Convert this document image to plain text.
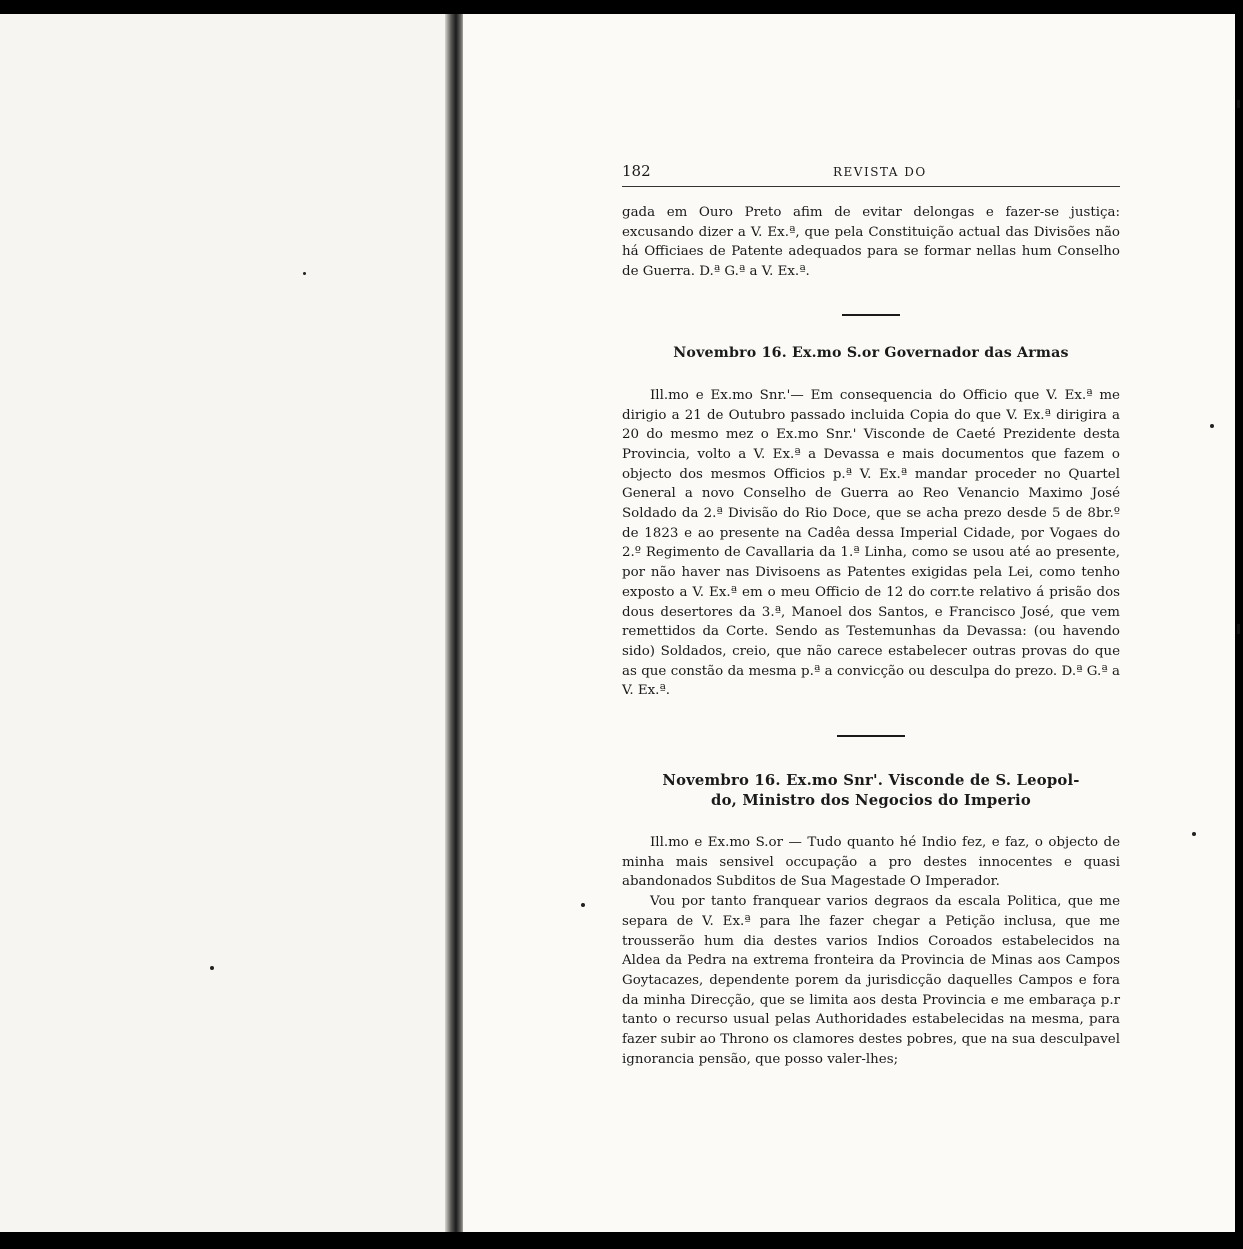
182	REVISTA DO

gada em Ouro Preto afim de evitar delongas e fazer-se justiça: excusando dizer a V. Ex.ª, que pela Constituição actual das Divisões não há Officiaes de Patente adequados para se formar nellas hum Conselho de Guerra. D.ª G.ª a V. Ex.ª.

Novembro 16. Ex.mo S.or Governador das Armas

Ill.mo e Ex.mo Snr.'— Em consequencia do Officio que V. Ex.ª me dirigio a 21 de Outubro passado incluida Copia do que V. Ex.ª dirigira a 20 do mesmo mez o Ex.mo Snr.' Visconde de Caeté Prezidente desta Provincia, volto a V. Ex.ª a Devassa e mais documentos que fazem o objecto dos mesmos Officios p.ª V. Ex.ª mandar proceder no Quartel General a novo Conselho de Guerra ao Reo Venancio Maximo José Soldado da 2.ª Divisão do Rio Doce, que se acha prezo desde 5 de 8br.º de 1823 e ao presente na Cadêa dessa Imperial Cidade, por Vogaes do 2.º Regimento de Cavallaria da 1.ª Linha, como se usou até ao presente, por não haver nas Divisoens as Patentes exigidas pela Lei, como tenho exposto a V. Ex.ª em o meu Officio de 12 do corr.te relativo á prisão dos dous desertores da 3.ª, Manoel dos Santos, e Francisco José, que vem remettidos da Corte. Sendo as Testemunhas da Devassa: (ou havendo sido) Soldados, creio, que não carece estabelecer outras provas do que as que constão da mesma p.ª a convicção ou desculpa do prezo. D.ª G.ª a V. Ex.ª.

Novembro 16. Ex.mo Snr'. Visconde de S. Leopol-

do, Ministro dos Negocios do Imperio

Ill.mo e Ex.mo S.or — Tudo quanto hé Indio fez, e faz, o objecto de minha mais sensivel occupação a pro destes innocentes e quasi abandonados Subditos de Sua Magestade O Imperador.

Vou por tanto franquear varios degraos da escala Politica, que me separa de V. Ex.ª para lhe fazer chegar a Petição inclusa, que me trousserão hum dia destes varios Indios Coroados estabelecidos na Aldea da Pedra na extrema fronteira da Provincia de Minas aos Campos Goytacazes, dependente porem da jurisdicção daquelles Campos e fora da minha Direcção, que se limita aos desta Provincia e me embaraça p.r tanto o recurso usual pelas Authoridades estabelecidas na mesma, para fazer subir ao Throno os clamores destes pobres, que na sua desculpavel ignorancia pensão, que posso valer-lhes;
